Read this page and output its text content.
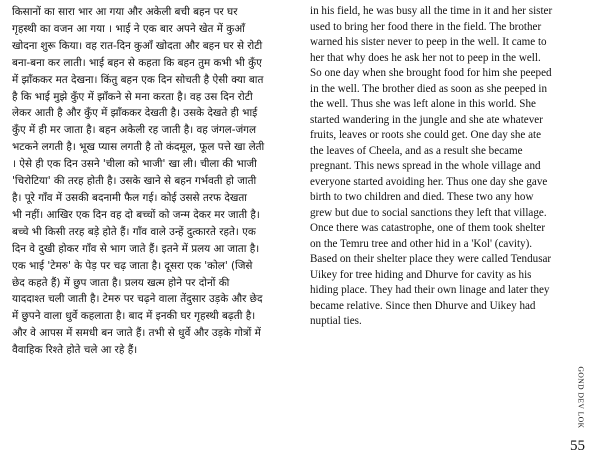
किसानों का सारा भार आ गया और अकेली बची बहन पर घर
गृहस्थी का वजन आ गया । भाई ने एक बार अपने खेत में कुआँ
खोदना शुरू किया। वह रात-दिन कुआँ खोदता और बहन घर से रोटी
बना-बना कर लाती। भाई बहन से कहता कि बहन तुम कभी भी कुँए
में झाँककर मत देखना। किंतु बहन एक दिन सोचती है ऐसी क्या बात
है कि भाई मुझे कुँए में झाँकने से मना करता है। वह उस दिन रोटी
लेकर आती है और कुँए में झाँककर देखती है। उसके देखते ही भाई
कुँए में ही मर जाता है। बहन अकेली रह जाती है। वह जंगल-जंगल
भटकने लगती है। भूख प्यास लगती है तो कंदमूल, फूल पत्ते खा लेती
। ऐसे ही एक दिन उसने 'चीला को भाजी' खा ली। चीला की भाजी
'चिरोटिया' की तरह होती है। उसके खाने से बहन गर्भवती हो जाती
है। पूरे गाँव में उसकी बदनामी फैल गई। कोई उससे तरफ देखता
भी नहीं। आखिर एक दिन वह दो बच्चों को जन्म देकर मर जाती है।
बच्चे भी किसी तरह बड़े होते हैं। गाँव वाले उन्हें दुत्कारते रहते। एक
दिन वे दुखी होकर गाँव से भाग जाते हैं। इतने में प्रलय आ जाता है।
एक भाई 'टेमरु' के पेड़ पर चढ़ जाता है। दूसरा एक 'कोल' (जिसे
छेद कहते हैं) में छुप जाता है। प्रलय खत्म होने पर दोनों की
याददाश्त चली जाती है। टेमरु पर चढ़ने वाला तेंदुसार उड़के और छेद
में छुपने वाला धुर्वे कहलाता है। बाद में इनकी घर गृहस्थी बढ़ती है।
और वे आपस में समधी बन जाते हैं। तभी से धुर्वे और उड़के गोत्रों में
वैवाहिक रिश्ते होते चले आ रहे हैं।
in his field, he was busy all the time in it and her sister
used to bring her food there in the field. The brother
warned his sister never to peep in the well. It came to
her that why does he ask her not to peep in the well.
So one day when she brought food for him she peeped
in the well. The brother died as soon as she peeped in
the well. Thus she was left alone in this world. She
started wandering in the jungle and she ate whatever
fruits, leaves or roots she could get. One day she ate
the leaves of Cheela, and as a result she became
pregnant. This news spread in the whole village and
everyone started avoiding her. Thus one day she gave
birth to two children and died. These two any how
grew but due to social sanctions they left that village.
Once there was catastrophe, one of them took shelter
on the Temru tree and other hid in a 'Kol' (cavity).
Based on their shelter place they were called Tendusar
Uikey for tree hiding and Dhurve for cavity as his
hiding place. They had their own linage and later they
became relative. Since then Dhurve and Uikey had
nuptial ties.
GOND DEV LOK
55
